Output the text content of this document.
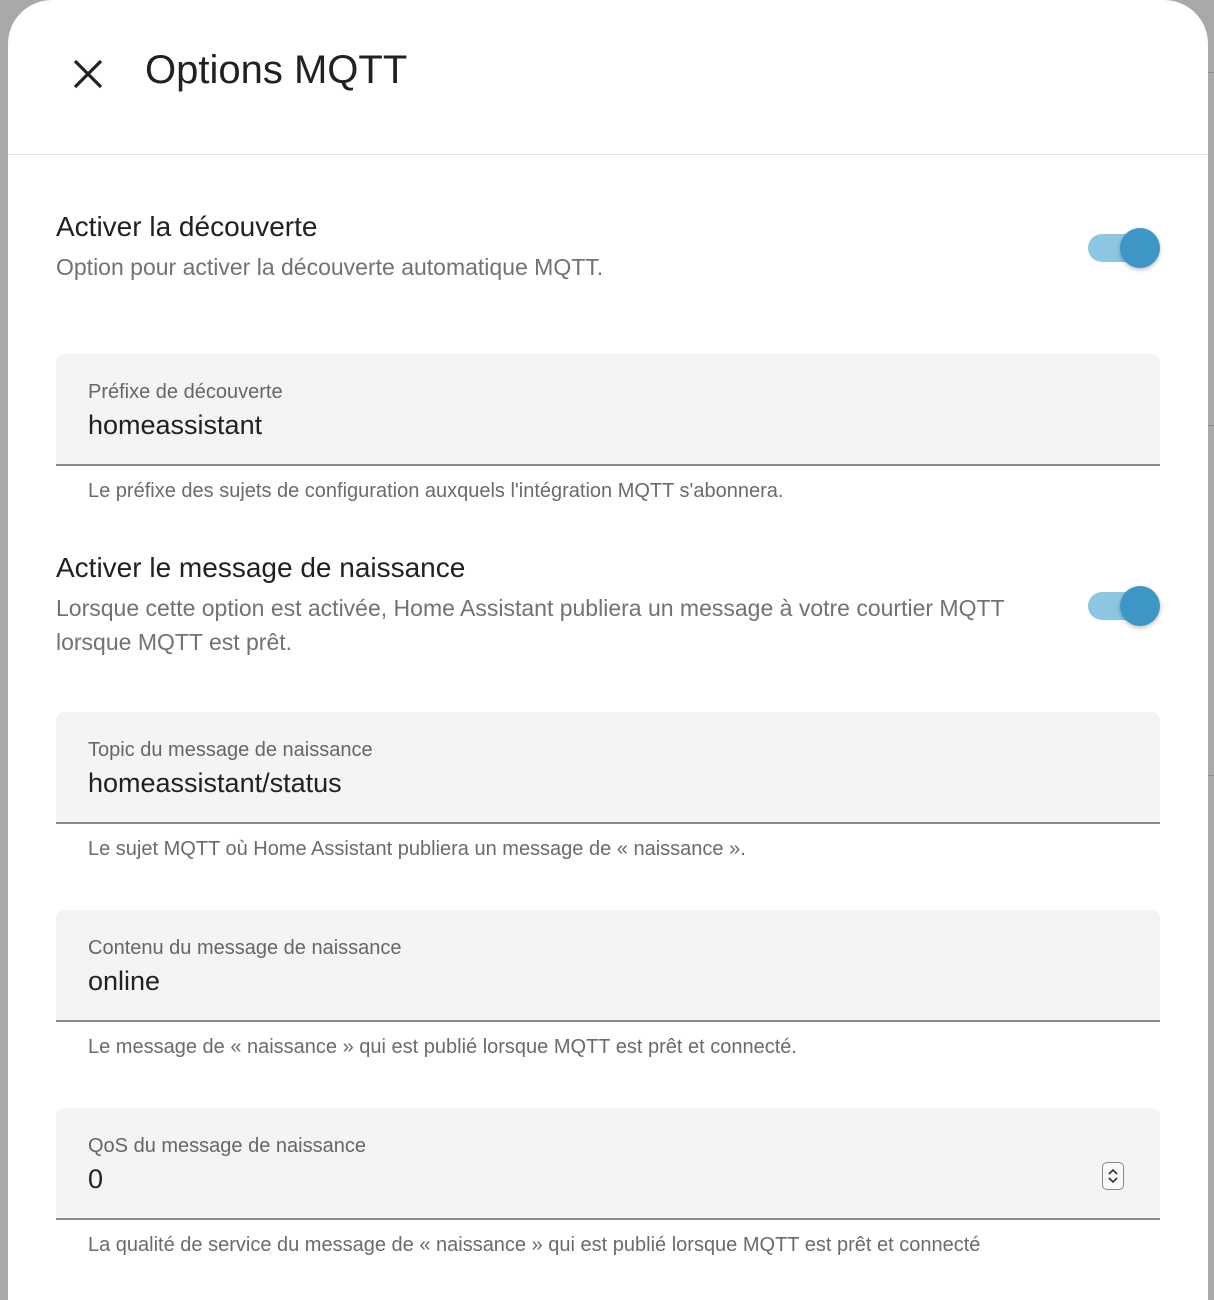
Options MQTT
Activer la découverte
Option pour activer la découverte automatique MQTT.
Préfixe de découverte
homeassistant
Le préfixe des sujets de configuration auxquels l'intégration MQTT s'abonnera.
Activer le message de naissance
Lorsque cette option est activée, Home Assistant publiera un message à votre courtier MQTT lorsque MQTT est prêt.
Topic du message de naissance
homeassistant/status
Le sujet MQTT où Home Assistant publiera un message de « naissance ».
Contenu du message de naissance
online
Le message de « naissance » qui est publié lorsque MQTT est prêt et connecté.
QoS du message de naissance
0
La qualité de service du message de « naissance » qui est publié lorsque MQTT est prêt et connecté
